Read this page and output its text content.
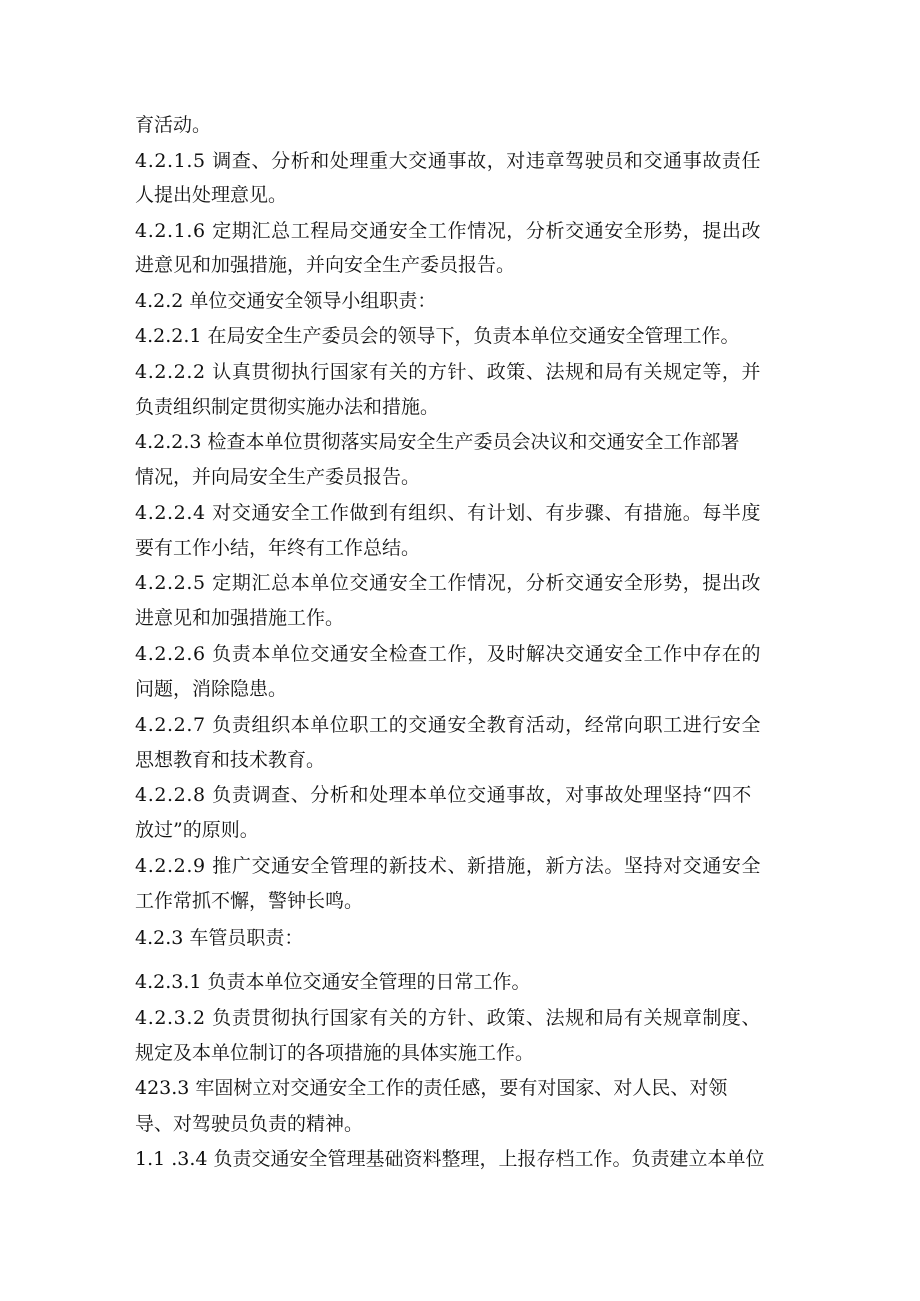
育活动。
4.2.1.5 调查、分析和处理重大交通事故，对违章驾驶员和交通事故责任
人提出处理意见。
4.2.1.6 定期汇总工程局交通安全工作情况，分析交通安全形势，提出改
进意见和加强措施，并向安全生产委员报告。
4.2.2 单位交通安全领导小组职责：
4.2.2.1 在局安全生产委员会的领导下，负责本单位交通安全管理工作。
4.2.2.2 认真贯彻执行国家有关的方针、政策、法规和局有关规定等，并
负责组织制定贯彻实施办法和措施。
4.2.2.3 检查本单位贯彻落实局安全生产委员会决议和交通安全工作部署
情况，并向局安全生产委员报告。
4.2.2.4 对交通安全工作做到有组织、有计划、有步骤、有措施。每半度
要有工作小结，年终有工作总结。
4.2.2.5 定期汇总本单位交通安全工作情况，分析交通安全形势，提出改
进意见和加强措施工作。
4.2.2.6 负责本单位交通安全检查工作，及时解决交通安全工作中存在的
问题，消除隐患。
4.2.2.7 负责组织本单位职工的交通安全教育活动，经常向职工进行安全
思想教育和技术教育。
4.2.2.8 负责调查、分析和处理本单位交通事故，对事故处理坚持“四不
放过”的原则。
4.2.2.9 推广交通安全管理的新技术、新措施，新方法。坚持对交通安全
工作常抓不懈，警钟长鸣。
4.2.3 车管员职责：
4.2.3.1 负责本单位交通安全管理的日常工作。
4.2.3.2 负责贯彻执行国家有关的方针、政策、法规和局有关规章制度、
规定及本单位制订的各项措施的具体实施工作。
423.3 牢固树立对交通安全工作的责任感，要有对国家、对人民、对领
导、对驾驶员负责的精神。
1.1 .3.4 负责交通安全管理基础资料整理，上报存档工作。负责建立本单位
